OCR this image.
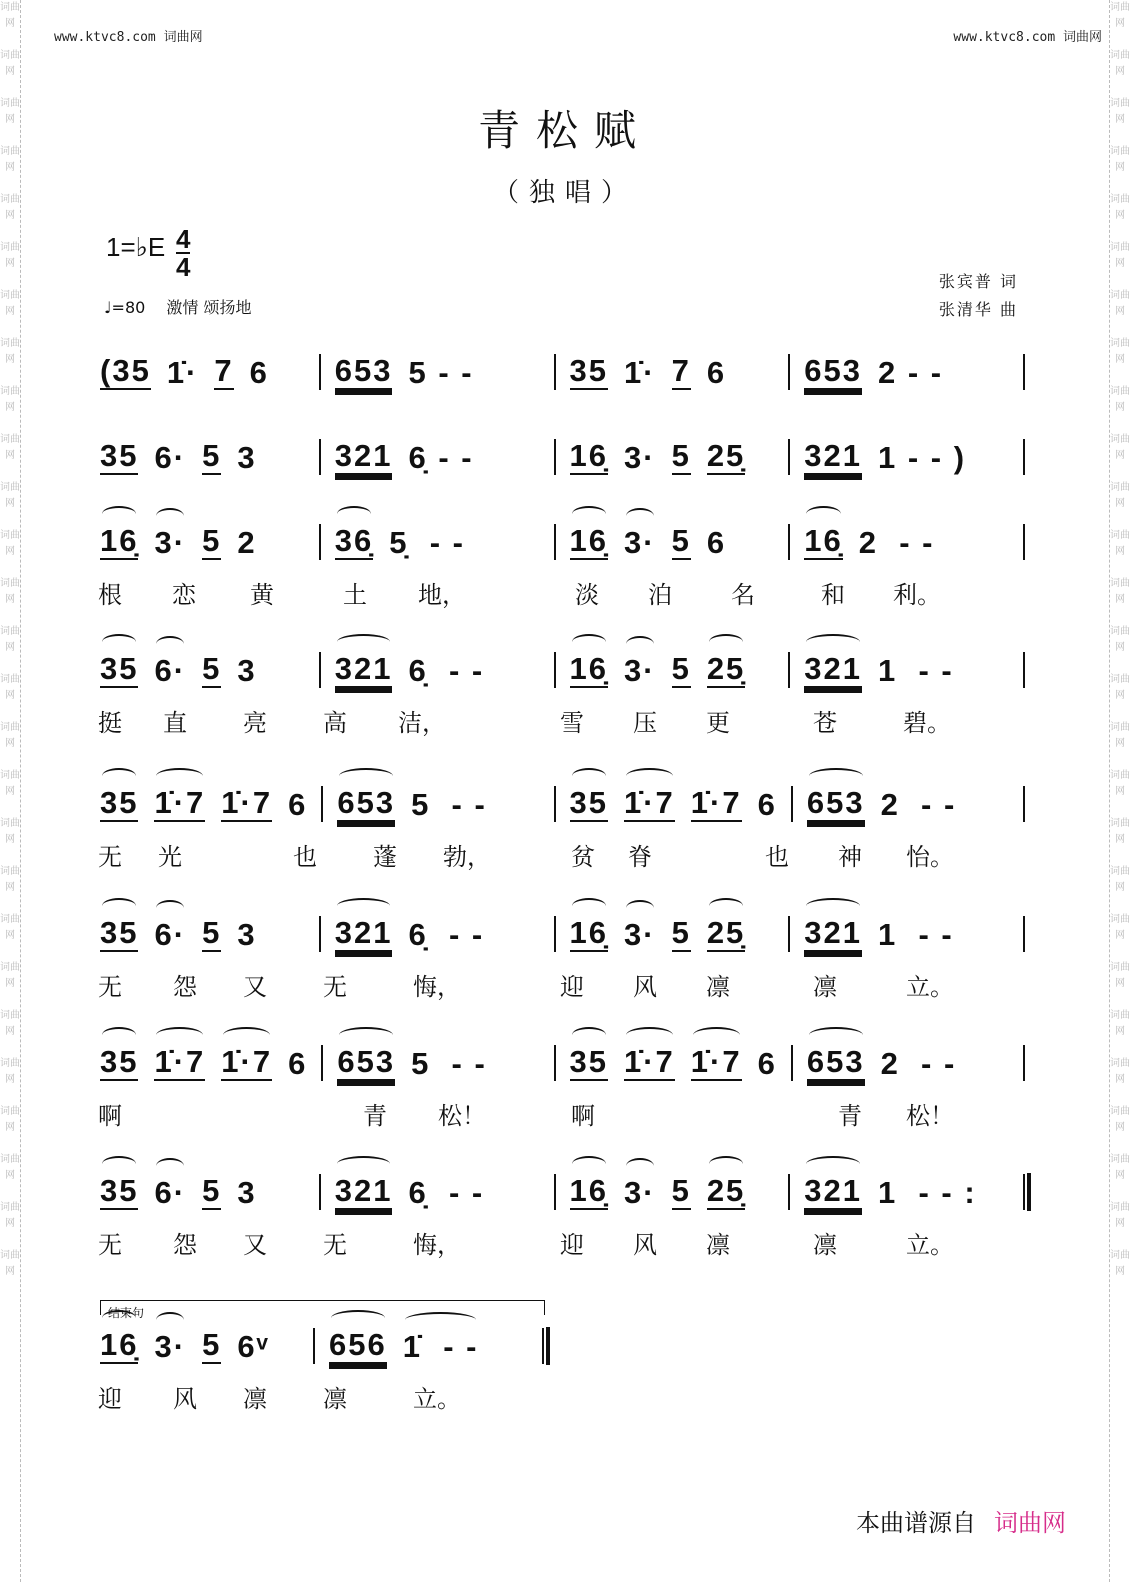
词曲网

词曲网

词曲网

词曲网

词曲网

词曲网

词曲网

词曲网

词曲网

词曲网

词曲网

词曲网

词曲网

词曲网

词曲网

词曲网

词曲网

词曲网

词曲网

词曲网

词曲网

词曲网

词曲网

词曲网

词曲网

词曲网

词曲网

词曲网

词曲网

词曲网

词曲网

词曲网

词曲网

词曲网

词曲网

词曲网

词曲网

词曲网

词曲网

词曲网

词曲网

词曲网

词曲网

词曲网

词曲网

词曲网

词曲网

词曲网

词曲网

词曲网

词曲网

词曲网

词曲网

词曲网

www.ktvc8.com 词曲网	www.ktvc8.com 词曲网
青松赋
（独唱）
1=♭E 4
4
♩=80　 激情 颂扬地
张宾普 词
张清华 曲
(35 1̇· 7 6 653 5 - -	35 1̇· 7 6	653 2 - -
35 6· 5 3	321 6̣ - -	16̣ 3· 5 25̣ 321 1 - - )
16̣ 3· 5 2	36̣ 5̣  - -	16̣ 3· 5 6	16̣ 2  - -
根 恋 黄	土 地，	淡 泊 名	和 利。
35 6· 5 3	321 6̣  - -	16̣ 3· 5 25̣ 321 1  - -
挺 直 亮 高 洁，	雪 压 更	苍	碧。
35 1̇·7 1̇·7 6 653 5  - -	35 1̇·7 1̇·7 6 653 2  - -
无 光	也 蓬 勃，	贫 脊	也 神 怡。
35 6· 5 3	321 6̣  - -	16̣ 3· 5 25̣ 321 1  - -
无 怨 又 无	悔，	迎 风 凛	凛	立。
35 1̇·7 1̇·7 6 653 5  - -	35 1̇·7 1̇·7 6 653 2  - -
啊	青 松！	啊	青 松！
35 6· 5 3	321 6̣  - -	16̣ 3· 5 25̣ 321 1  - - :
无 怨 又 无	悔，	迎 风 凛	凛	立。
16̣ 3· 5 6ᵛ 656 1̇  - -
迎 风 凛 凛	立。
结束句
本曲谱源自 词曲网
